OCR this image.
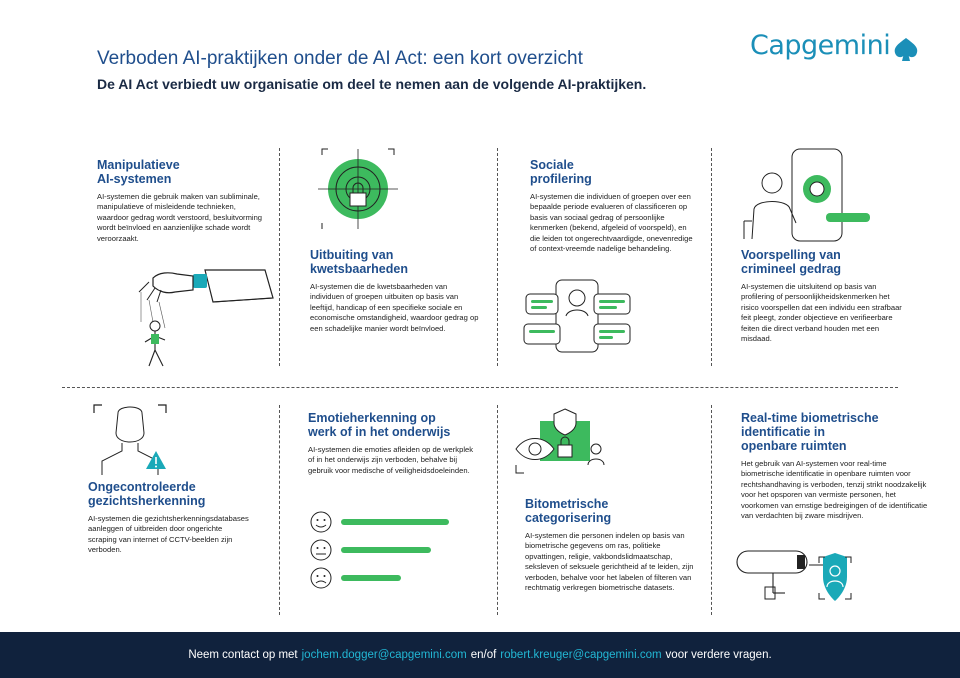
Verboden AI-praktijken onder de AI Act: een kort overzicht
De AI Act verbiedt uw organisatie om deel te nemen aan de volgende AI-praktijken.
Capgemini
Manipulatieve
AI-systemen

AI-systemen die gebruik maken van subliminale, manipulatieve of misleidende technieken, waardoor gedrag wordt verstoord, besluitvorming wordt beïnvloed en aanzienlijke schade wordt veroorzaakt.

Uitbuiting van
kwetsbaarheden

AI-systemen die de kwetsbaarheden van individuen of groepen uitbuiten op basis van leeftijd, handicap of een specifieke sociale en economische omstandigheid, waardoor gedrag op een schadelijke manier wordt beïnvloed.

Sociale
profilering

AI-systemen die individuen of groepen over een bepaalde periode evalueren of classificeren op basis van sociaal gedrag of persoonlijke kenmerken (bekend, afgeleid of voorspeld), en die leiden tot ongerechtvaardigde, onevenredige of context-vreemde nadelige behandeling.	Voorspelling van
crimineel gedrag

AI-systemen die uitsluitend op basis van profilering of persoonlijkheidskenmerken het risico voorspellen dat een individu een strafbaar feit pleegt, zonder objectieve en verifieerbare feiten die direct verband houden met een misdaad.

Ongecontroleerde
gezichtsherkenning

AI-systemen die gezichtsherkenningsdatabases aanleggen of uitbreiden door ongerichte scraping van internet of CCTV-beelden zijn verboden.

Emotieherkenning op
werk of in het onderwijs

AI-systemen die emoties afleiden op de werkplek of in het onderwijs zijn verboden, behalve bij gebruik voor medische of veiligheidsdoeleinden.

Bitometrische
categorisering

AI-systemen die personen indelen op basis van biometrische gegevens om ras, politieke opvattingen, religie, vakbondslidmaatschap, seksleven of seksuele gerichtheid af te leiden, zijn verboden, behalve voor het labelen of filteren van rechtmatig verkregen biometrische datasets.

Real-time biometrische
identificatie in
openbare ruimten

Het gebruik van AI-systemen voor real-time biometrische identificatie in openbare ruimten voor rechtshandhaving is verboden, tenzij strikt noodzakelijk voor het opsporen van vermiste personen, het voorkomen van ernstige bedreigingen of de identificatie van verdachten bij zware misdrijven.

Neem contact op met jochem.dogger@capgemini.com en/of robert.kreuger@capgemini.com voor verdere vragen.
